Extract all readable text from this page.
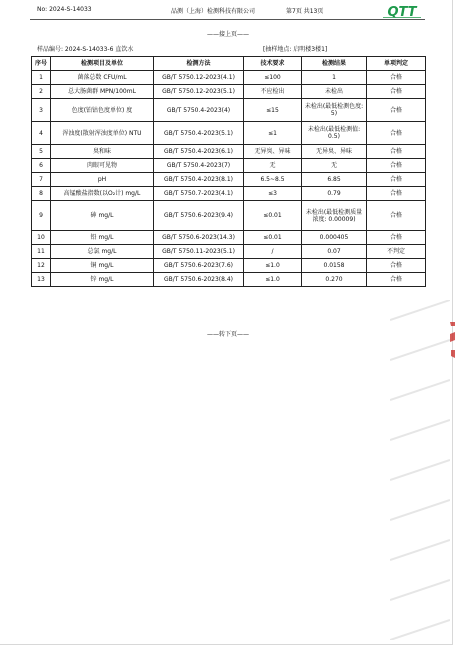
No: 2024-S-14033	品测（上海）检测科技有限公司	第7页 共13页	QTT
——接上页——
样品编号: 2024-S-14033-6 直饮水	[抽样地点: 启明楼3楼1]
序号	检测项目及单位	检测方法	技术要求	检测结果	单项判定
1	菌落总数 CFU/mL	GB/T 5750.12-2023(4.1)	≤100	1	合格
2	总大肠菌群 MPN/100mL	GB/T 5750.12-2023(5.1)	不应检出	未检出	合格
3	色度(铂钴色度单位) 度	GB/T 5750.4-2023(4)	≤15	未检出(最低检测色度: 5)	合格
4	浑浊度(散射浑浊度单位) NTU	GB/T 5750.4-2023(5.1)	≤1	未检出(最低检测值: 0.5)	合格
5	臭和味	GB/T 5750.4-2023(6.1)	无异臭、异味	无异臭、异味	合格
6	肉眼可见物	GB/T 5750.4-2023(7)	无	无	合格
7	pH	GB/T 5750.4-2023(8.1)	6.5~8.5	6.85	合格
8	高锰酸盐指数(以O₂计) mg/L	GB/T 5750.7-2023(4.1)	≤3	0.79	合格
9	砷 mg/L	GB/T 5750.6-2023(9.4)	≤0.01	未检出(最低检测质量浓度: 0.00009)	合格
10	铅 mg/L	GB/T 5750.6-2023(14.3)	≤0.01	0.000405	合格
11	总氯 mg/L	GB/T 5750.11-2023(5.1)	/	0.07	不判定
12	铜 mg/L	GB/T 5750.6-2023(7.6)	≤1.0	0.0158	合格
13	锌 mg/L	GB/T 5750.6-2023(8.4)	≤1.0	0.270	合格
——转下页——
